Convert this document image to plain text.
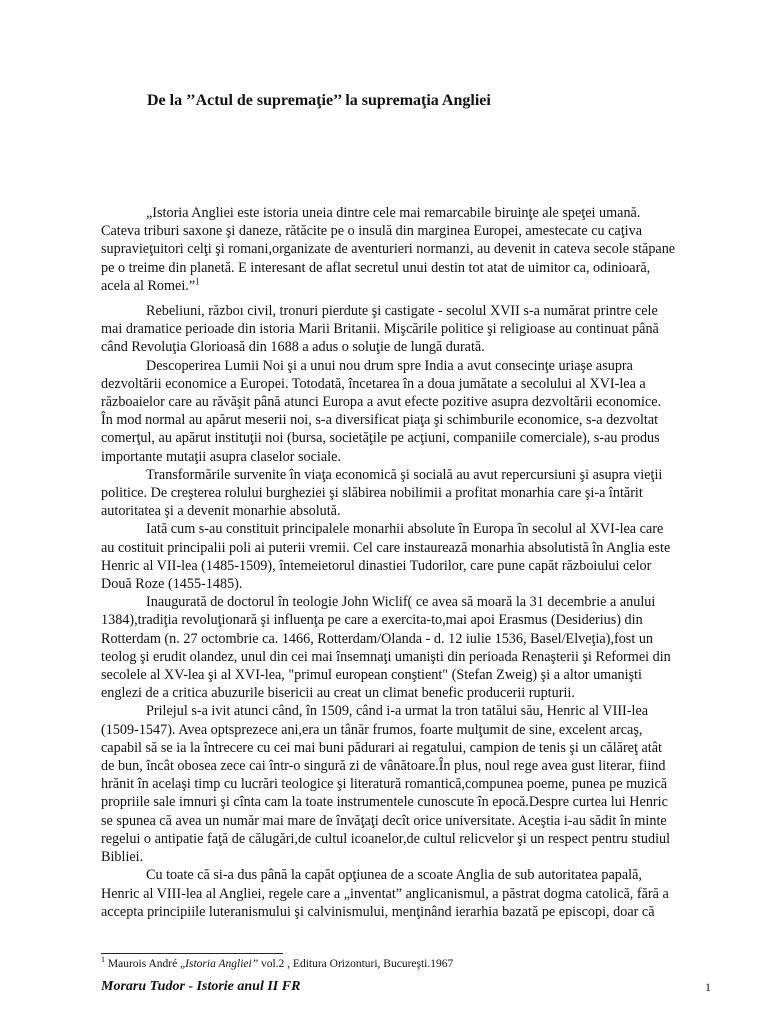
De la ’’Actul de supremaţie’’ la supremaţia Angliei
„Istoria Angliei este istoria uneia dintre cele mai remarcabile biruinţe ale speţei umană.
Cateva triburi saxone şi daneze, rătăcite pe o insulă din marginea Europei, amestecate cu caţiva
supravieţuitori celţi şi romani,organizate de aventurieri normanzi, au devenit in cateva secole stăpane
pe o treime din planetă. E interesant de aflat secretul unui destin tot atat de uimitor ca, odinioară,
acela al Romei.”$^1$
Rebeliuni, războı civil, tronuri pierdute şi castigate - secolul XVII s-a numărat printre cele
mai dramatice perioade din istoria Marii Britanii. Mişcările politice şi religioase au continuat până
când Revoluţia Glorioasă din 1688 a adus o soluţie de lungă durată.
Descoperirea Lumii Noi şi a unui nou drum spre India a avut consecinţe uriaşe asupra
dezvoltării economice a Europei. Totodată, încetarea în a doua jumătate a secolului al XVI-lea a
războaielor care au răvăşit până atunci Europa a avut efecte pozitive asupra dezvoltării economice.
În mod normal au apărut meserii noi, s-a diversificat piaţa şi schimburile economice, s-a dezvoltat
comerţul, au apărut instituţii noi (bursa, societăţile pe acţiuni, companiile comerciale), s-au produs
importante mutaţii asupra claselor sociale.
Transformările survenite în viaţa economică şi socială au avut repercursiuni şi asupra vieţii
politice. De creşterea rolului burgheziei şi slăbirea nobilimii a profitat monarhia care şi-a întărit
autoritatea şi a devenit monarhie absolută.
Iată cum s-au constituit principalele monarhii absolute în Europa în secolul al XVI-lea care
au costituit principalii poli ai puterii vremii. Cel care instaurează monarhia absolutistă în Anglia este
Henric al VII-lea (1485-1509), întemeietorul dinastiei Tudorilor, care pune capăt războiului celor
Două Roze (1455-1485).
Inaugurată de doctorul în teologie John Wiclif( ce avea să moară la 31 decembrie a anului
1384),tradiţia revoluţionară şi influenţa pe care a exercita-to,mai apoi Erasmus (Desiderius) din
Rotterdam (n. 27 octombrie ca. 1466, Rotterdam/Olanda - d. 12 iulie 1536, Basel/Elveţia),fost un
teolog şi erudit olandez, unul din cei mai însemnaţi umanişti din perioada Renaşterii şi Reformei din
secolele al XV-lea şi al XVI-lea, "primul european conştient" (Stefan Zweig) şi a altor umanişti
englezi de a critica abuzurile bisericii au creat un climat benefic producerii rupturii.
Prilejul s-a ivit atunci când, în 1509, când i-a urmat la tron tatălui său, Henric al VIII-lea
(1509-1547). Avea optsprezece ani,era un tânăr frumos, foarte mulţumit de sine, excelent arcaş,
capabil să se ia la întrecere cu cei mai buni pădurari ai regatului, campion de tenis şi un călăreţ atât
de bun, încât obosea zece cai într-o singură zi de vânătoare.În plus, noul rege avea gust literar, fiind
hrănit în acelaşi timp cu lucrări teologice şi literatură romantică,compunea poeme, punea pe muzică
propriile sale imnuri şi cînta cam la toate instrumentele cunoscute în epocă.Despre curtea lui Henric
se spunea că avea un număr mai mare de învăţaţi decît orice universitate. Aceştia i-au sădit în minte
regelui o antipatie faţă de călugări,de cultul icoanelor,de cultul relicvelor şi un respect pentru studiul
Bibliei.
Cu toate că si-a dus până la capăt opţiunea de a scoate Anglia de sub autoritatea papală,
Henric al VIII-lea al Angliei, regele care a „inventat” anglicanismul, a păstrat dogma catolică, fără a
accepta principiile luteranismului şi calvinismului, menţinând ierarhia bazată pe episcopi, doar că
$^1$ Maurois André „Istoria Angliei’’ vol.2 , Editura Orizonturi, Bucureşti.1967
Moraru Tudor - Istorie anul II FR	1
